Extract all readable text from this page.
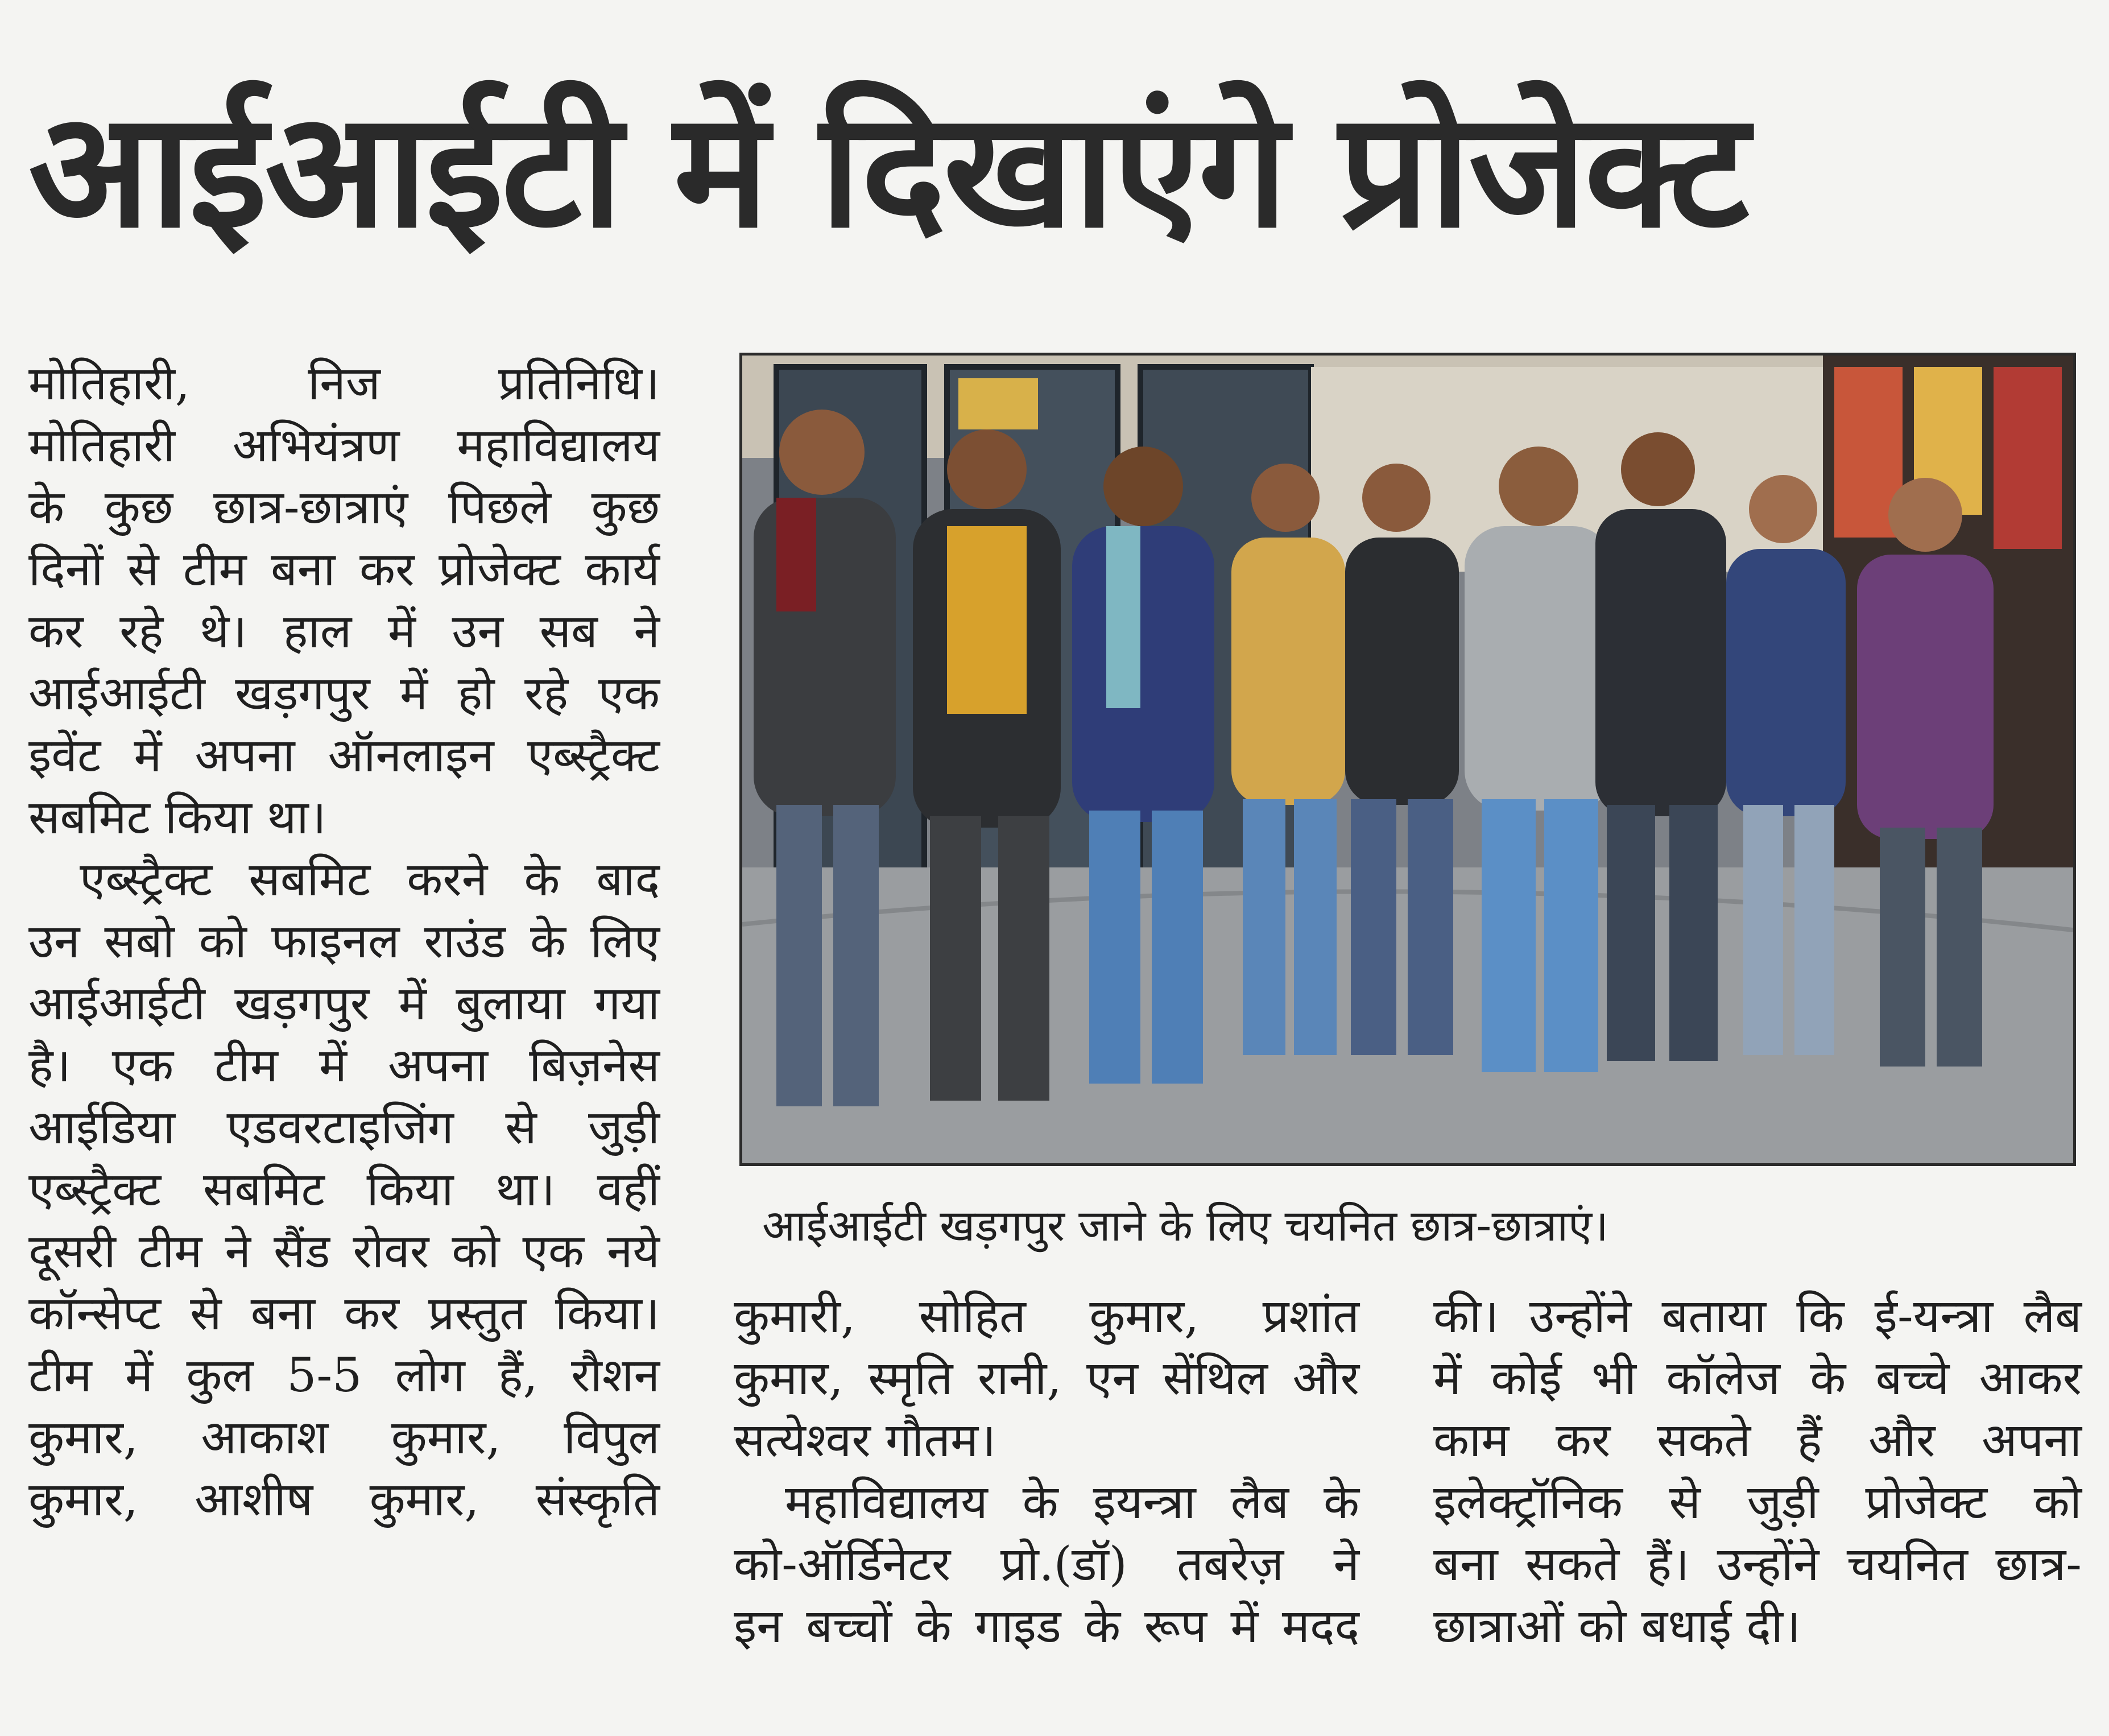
आईआईटी में दिखाएंगे प्रोजेक्ट

मोतिहारी, निज प्रतिनिधि।

मोतिहारी अभियंत्रण महाविद्यालय

के कुछ छात्र-छात्राएं पिछले कुछ

दिनों से टीम बना कर प्रोजेक्ट कार्य

कर रहे थे। हाल में उन सब ने

आईआईटी खड़गपुर में हो रहे एक

इवेंट में अपना ऑनलाइन एब्स्ट्रैक्ट

सबमिट किया था।

एब्स्ट्रैक्ट सबमिट करने के बाद

उन सबो को फाइनल राउंड के लिए

आईआईटी खड़गपुर में बुलाया गया

है। एक टीम में अपना बिज़नेस

आईडिया एडवरटाइजिंग से जुड़ी

एब्स्ट्रैक्ट सबमिट किया था। वहीं

दूसरी टीम ने सैंड रोवर को एक नये

कॉन्सेप्ट से बना कर प्रस्तुत किया।

टीम में कुल 5-5 लोग हैं, रौशन

कुमार, आकाश कुमार, विपुल

कुमार, आशीष कुमार, संस्कृति

आईआईटी खड़गपुर जाने के लिए चयनित छात्र-छात्राएं।

कुमारी, सोहित कुमार, प्रशांत

कुमार, स्मृति रानी, एन सेंथिल और

सत्येश्वर गौतम।

महाविद्यालय के इयन्त्रा लैब के

को-ऑर्डिनेटर प्रो.(डॉ) तबरेज़ ने

इन बच्चों के गाइड के रूप में मदद

की। उन्होंने बताया कि ई-यन्त्रा लैब

में कोई भी कॉलेज के बच्चे आकर

काम कर सकते हैं और अपना

इलेक्ट्रॉनिक से जुड़ी प्रोजेक्ट को

बना सकते हैं। उन्होंने चयनित छात्र-

छात्राओं को बधाई दी।
